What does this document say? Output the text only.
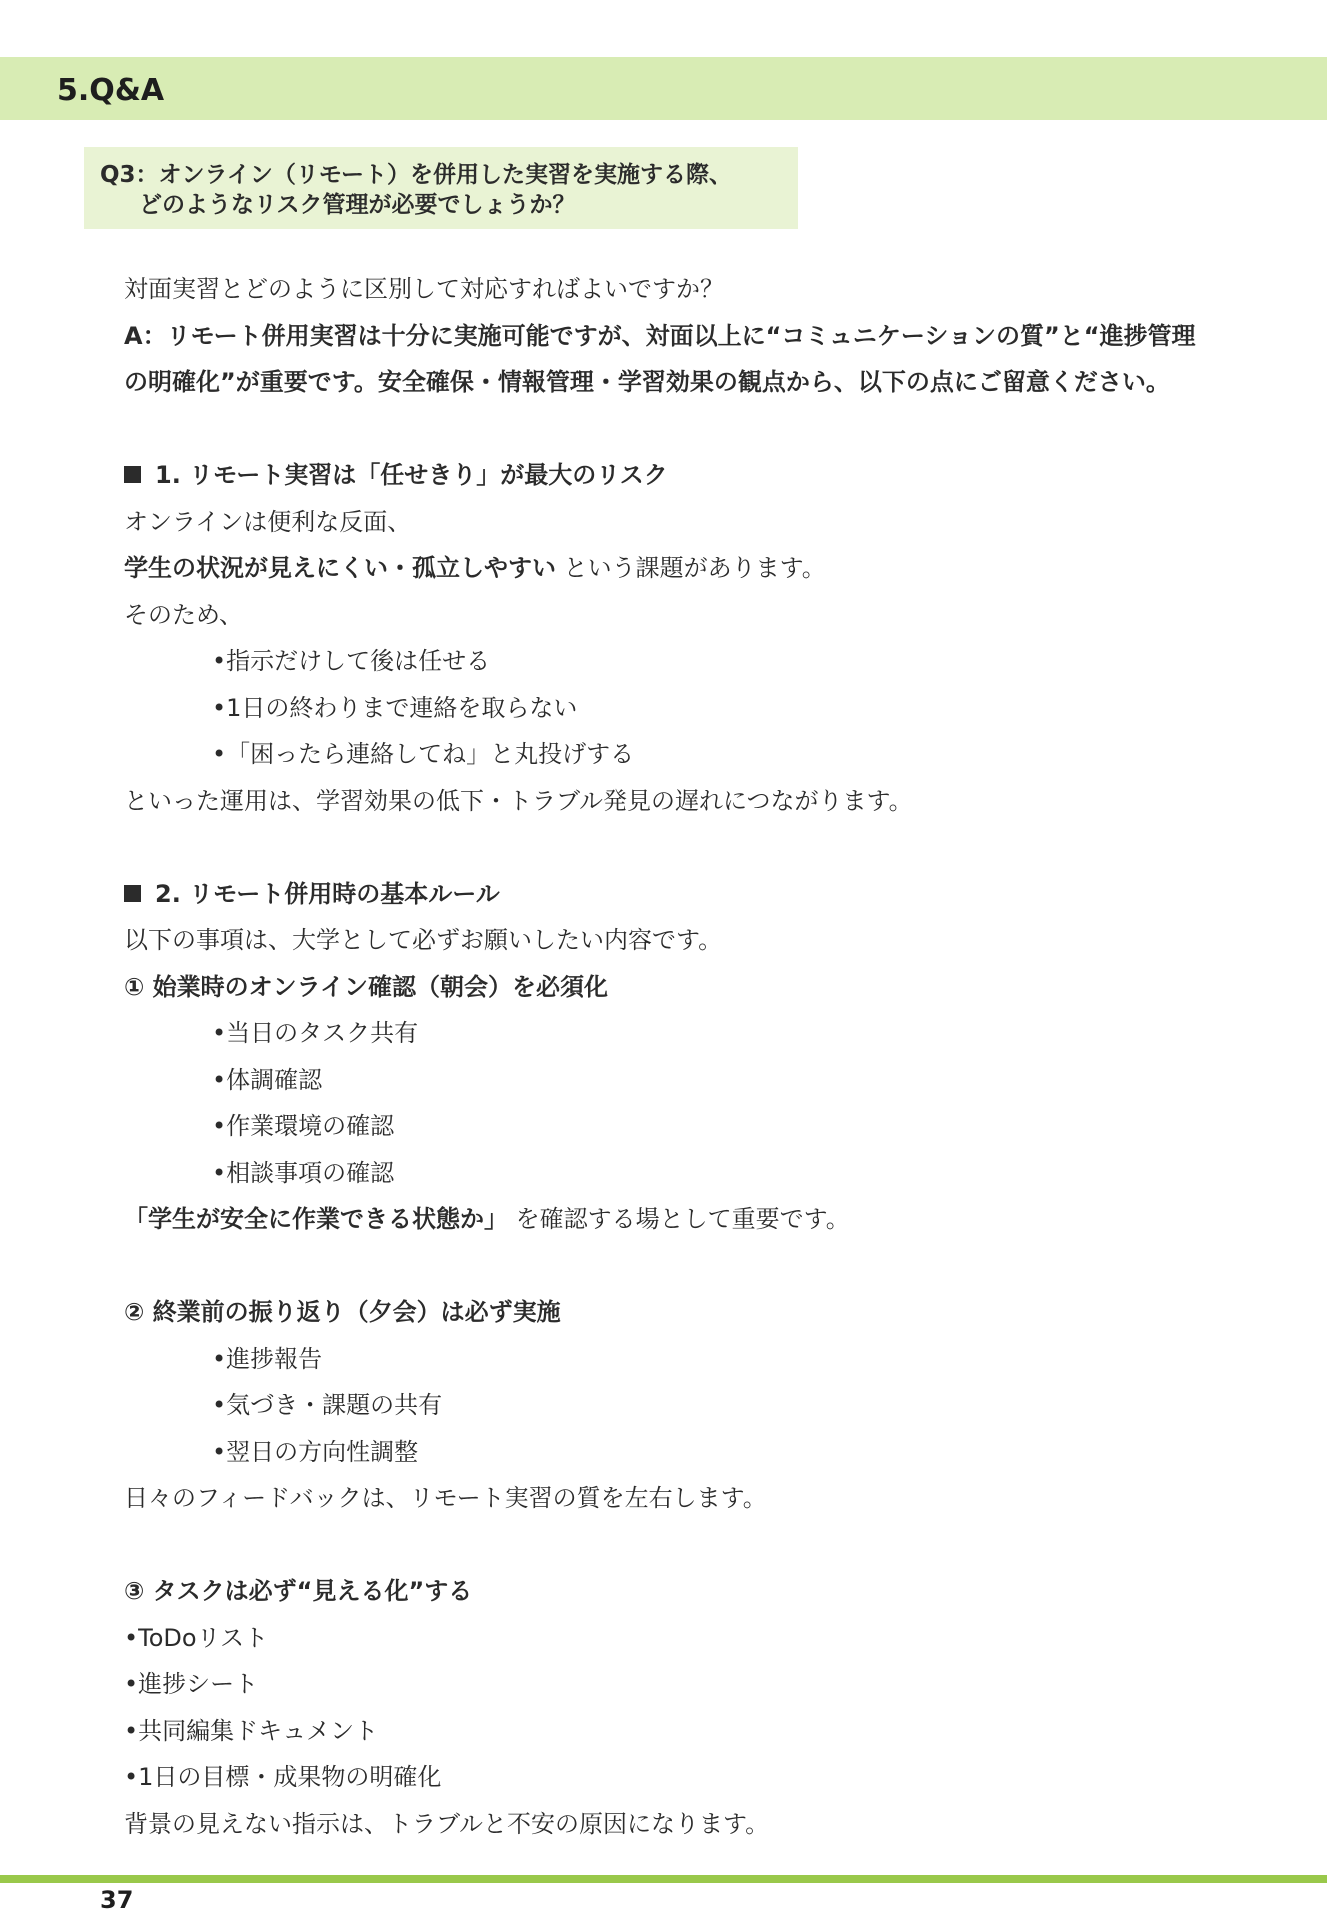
5.Q&A

Q3：オンライン（リモート）を併用した実習を実施する際、

どのようなリスク管理が必要でしょうか？

対面実習とどのように区別して対応すればよいですか？

A：リモート併用実習は十分に実施可能ですが、対面以上に“コミュニケーションの質”と“進捗管理

の明確化”が重要です。安全確保・情報管理・学習効果の観点から、以下の点にご留意ください。

1. リモート実習は「任せきり」が最大のリスク

オンラインは便利な反面、

学生の状況が見えにくい・孤立しやすい という課題があります。

そのため、

•指示だけして後は任せる

•1日の終わりまで連絡を取らない

•「困ったら連絡してね」と丸投げする

といった運用は、学習効果の低下・トラブル発見の遅れにつながります。

2. リモート併用時の基本ルール

以下の事項は、大学として必ずお願いしたい内容です。

① 始業時のオンライン確認（朝会）を必須化

•当日のタスク共有

•体調確認

•作業環境の確認

•相談事項の確認

「学生が安全に作業できる状態か」 を確認する場として重要です。

② 終業前の振り返り（夕会）は必ず実施

•進捗報告

•気づき・課題の共有

•翌日の方向性調整

日々のフィードバックは、リモート実習の質を左右します。

③ タスクは必ず“見える化”する

•ToDoリスト

•進捗シート

•共同編集ドキュメント

•1日の目標・成果物の明確化

背景の見えない指示は、トラブルと不安の原因になります。

37
